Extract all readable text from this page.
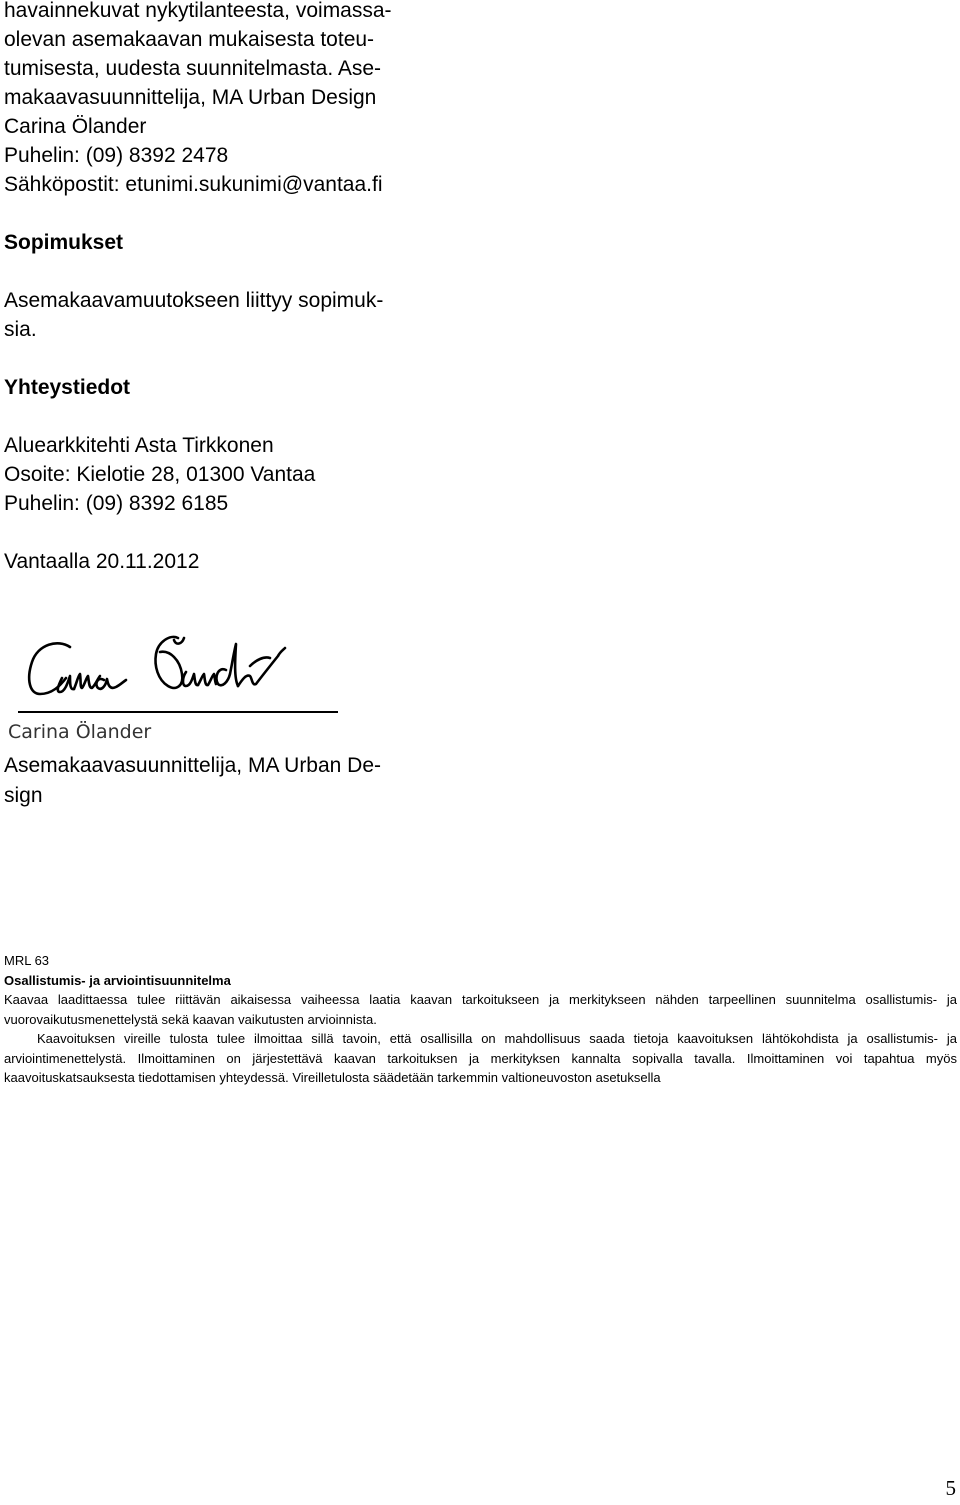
havainnekuvat nykytilanteesta, voimassa-
olevan asemakaavan mukaisesta toteu-
tumisesta, uudesta suunnitelmasta. Ase-
makaavasuunnittelija, MA Urban Design
Carina Ölander
Puhelin: (09) 8392 2478
Sähköpostit: etunimi.sukunimi@vantaa.fi

Sopimukset

Asemakaavamuutokseen liittyy sopimuk-
sia.

Yhteystiedot

Aluearkkitehti Asta Tirkkonen
Osoite: Kielotie 28, 01300 Vantaa
Puhelin: (09) 8392 6185

Vantaalla 20.11.2012

Carina Ölander

Asemakaavasuunnittelija, MA Urban De-
sign

MRL 63

Osallistumis- ja arviointisuunnitelma

Kaavaa laadittaessa tulee riittävän aikaisessa vaiheessa laatia kaavan tarkoitukseen ja merkitykseen nähden tarpeellinen suunnitelma osallistumis- ja vuorovaikutusmenettelystä sekä kaavan vaikutusten arvioinnista.

Kaavoituksen vireille tulosta tulee ilmoittaa sillä tavoin, että osallisilla on mahdollisuus saada tietoja kaavoituksen lähtökohdista ja osallistumis- ja arviointimenettelystä. Ilmoittaminen on järjestettävä kaavan tarkoituksen ja merkityksen kannalta sopivalla tavalla. Ilmoittaminen voi tapahtua myös kaavoituskatsauksesta tiedottamisen yhteydessä. Vireilletulosta säädetään tarkemmin valtioneuvoston asetuksella

5
